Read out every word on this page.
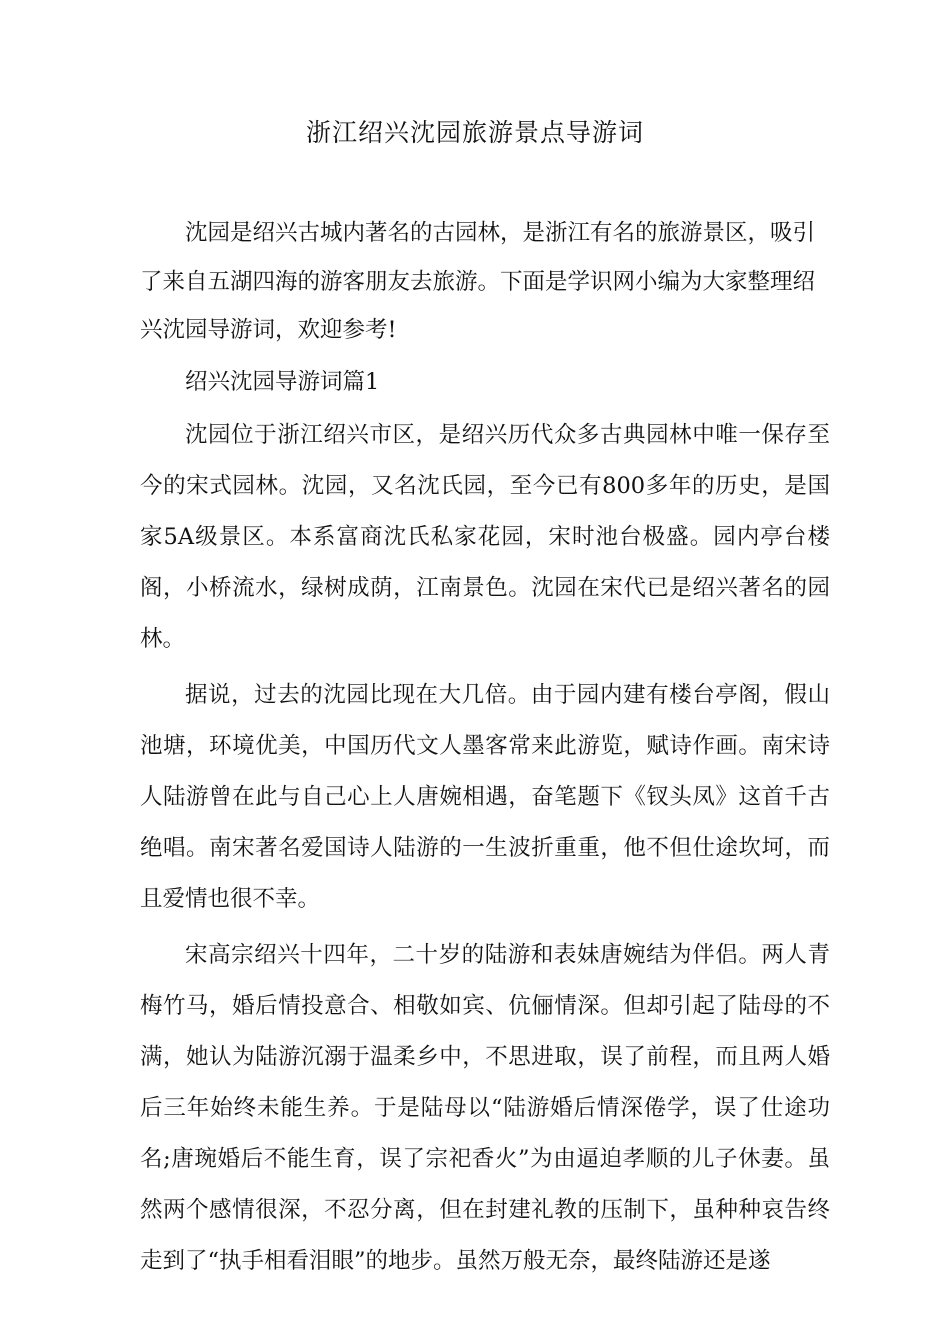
浙江绍兴沈园旅游景点导游词

沈园是绍兴古城内著名的古园林，是浙江有名的旅游景区，吸引了来自五湖四海的游客朋友去旅游。下面是学识网小编为大家整理绍兴沈园导游词，欢迎参考!

绍兴沈园导游词篇1

沈园位于浙江绍兴市区，是绍兴历代众多古典园林中唯一保存至今的宋式园林。沈园，又名沈氏园，至今已有800多年的历史，是国家5A级景区。本系富商沈氏私家花园，宋时池台极盛。园内亭台楼阁，小桥流水，绿树成荫，江南景色。沈园在宋代已是绍兴著名的园林。

据说，过去的沈园比现在大几倍。由于园内建有楼台亭阁，假山池塘，环境优美，中国历代文人墨客常来此游览，赋诗作画。南宋诗人陆游曾在此与自己心上人唐婉相遇，奋笔题下《钗头凤》这首千古绝唱。南宋著名爱国诗人陆游的一生波折重重，他不但仕途坎坷，而且爱情也很不幸。

宋高宗绍兴十四年，二十岁的陆游和表妹唐婉结为伴侣。两人青梅竹马，婚后情投意合、相敬如宾、伉俪情深。但却引起了陆母的不满，她认为陆游沉溺于温柔乡中，不思进取，误了前程，而且两人婚后三年始终未能生养。于是陆母以“陆游婚后情深倦学，误了仕途功名;唐琬婚后不能生育，误了宗祀香火”为由逼迫孝顺的儿子休妻。虽然两个感情很深，不忍分离，但在封建礼教的压制下，虽种种哀告终走到了“执手相看泪眼”的地步。虽然万般无奈，最终陆游还是遂
